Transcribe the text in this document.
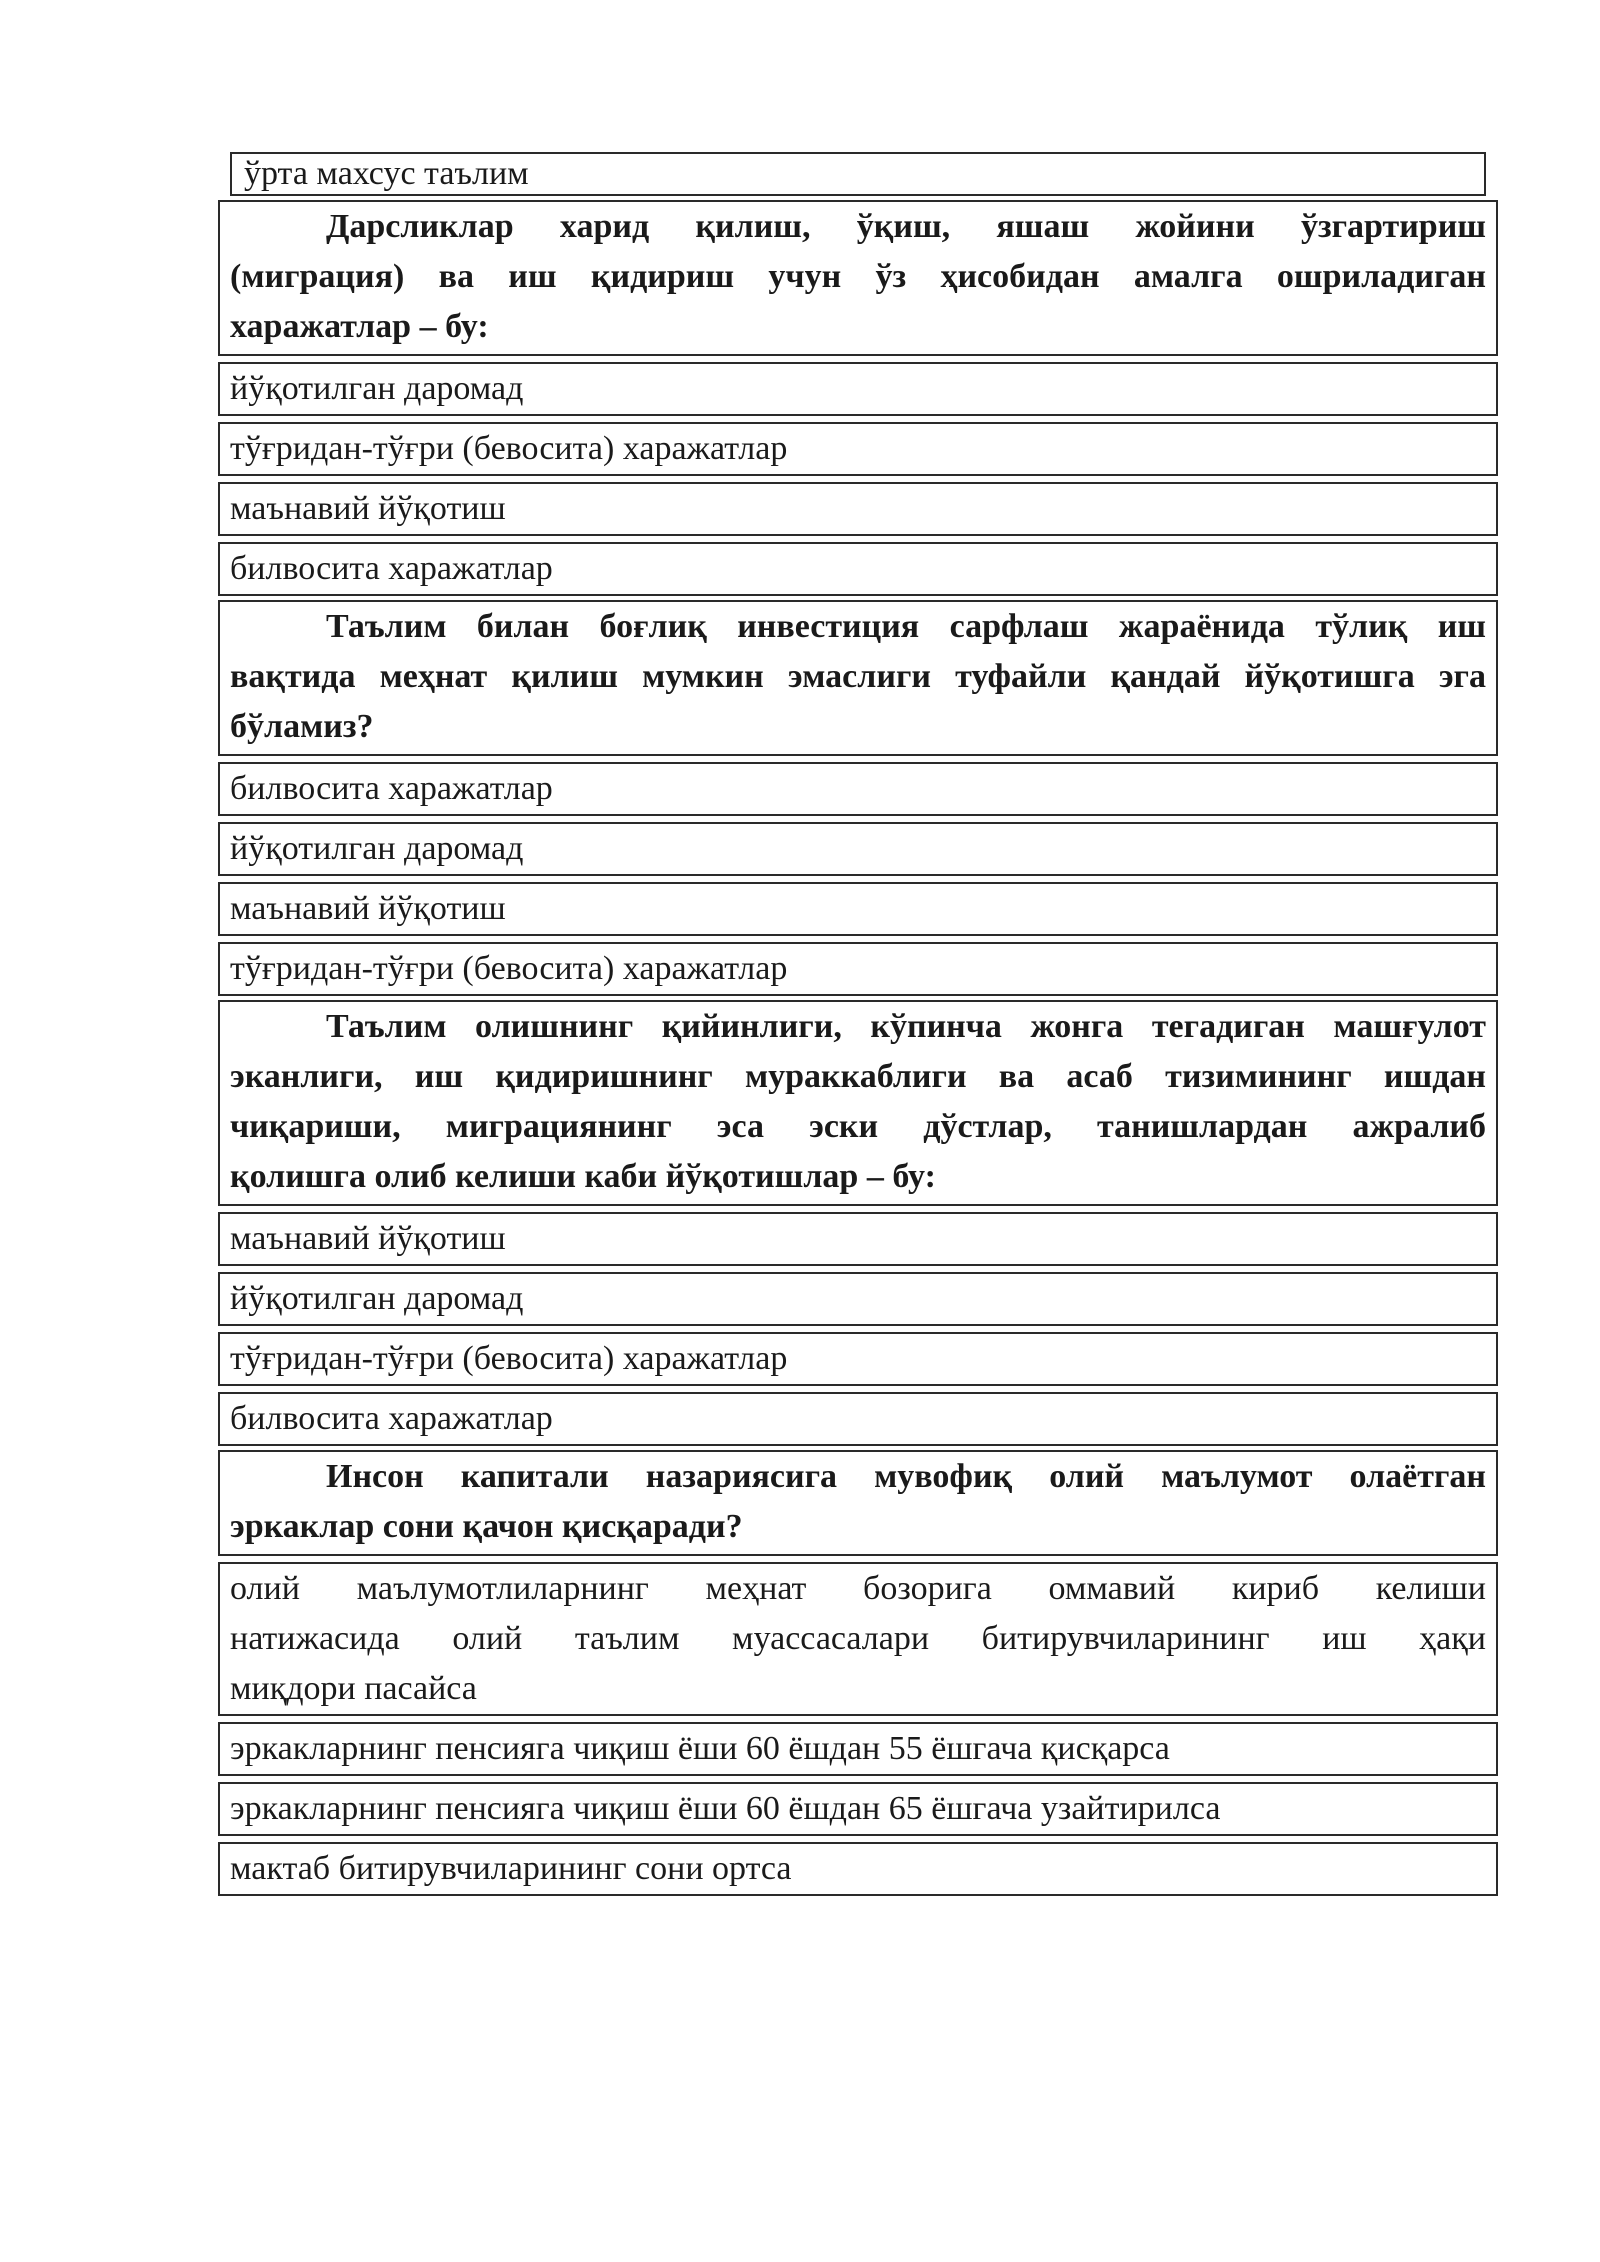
ўрта махсус таълим
Дарсликлар харид қилиш, ўқиш, яшаш жойини ўзгартириш
(миграция) ва иш қидириш учун ўз ҳисобидан амалга ошриладиган
харажатлар – бу:
йўқотилган даромад
тўғридан-тўғри (бевосита) харажатлар
маънавий йўқотиш
билвосита харажатлар
Таълим билан боғлиқ инвестиция сарфлаш жараёнида тўлиқ иш
вақтида меҳнат қилиш мумкин эмаслиги туфайли қандай йўқотишга эга
бўламиз?
билвосита харажатлар
йўқотилган даромад
маънавий йўқотиш
тўғридан-тўғри (бевосита) харажатлар
Таълим олишнинг қийинлиги, кўпинча жонга тегадиган машғулот
эканлиги, иш қидиришнинг мураккаблиги ва асаб тизимининг ишдан
чиқариши, миграциянинг эса эски дўстлар, танишлардан ажралиб
қолишга олиб келиши каби йўқотишлар – бу:
маънавий йўқотиш
йўқотилган даромад
тўғридан-тўғри (бевосита) харажатлар
билвосита харажатлар
Инсон капитали назариясига мувофиқ олий маълумот олаётган
эркаклар сони қачон қисқаради?
олий маълумотлиларнинг меҳнат бозорига оммавий кириб келиши
натижасида олий таълим муассасалари битирувчиларининг иш ҳақи
миқдори пасайса
эркакларнинг пенсияга чиқиш ёши 60 ёшдан 55 ёшгача қисқарса
эркакларнинг пенсияга чиқиш ёши 60 ёшдан 65 ёшгача узайтирилса
мактаб битирувчиларининг сони ортса
